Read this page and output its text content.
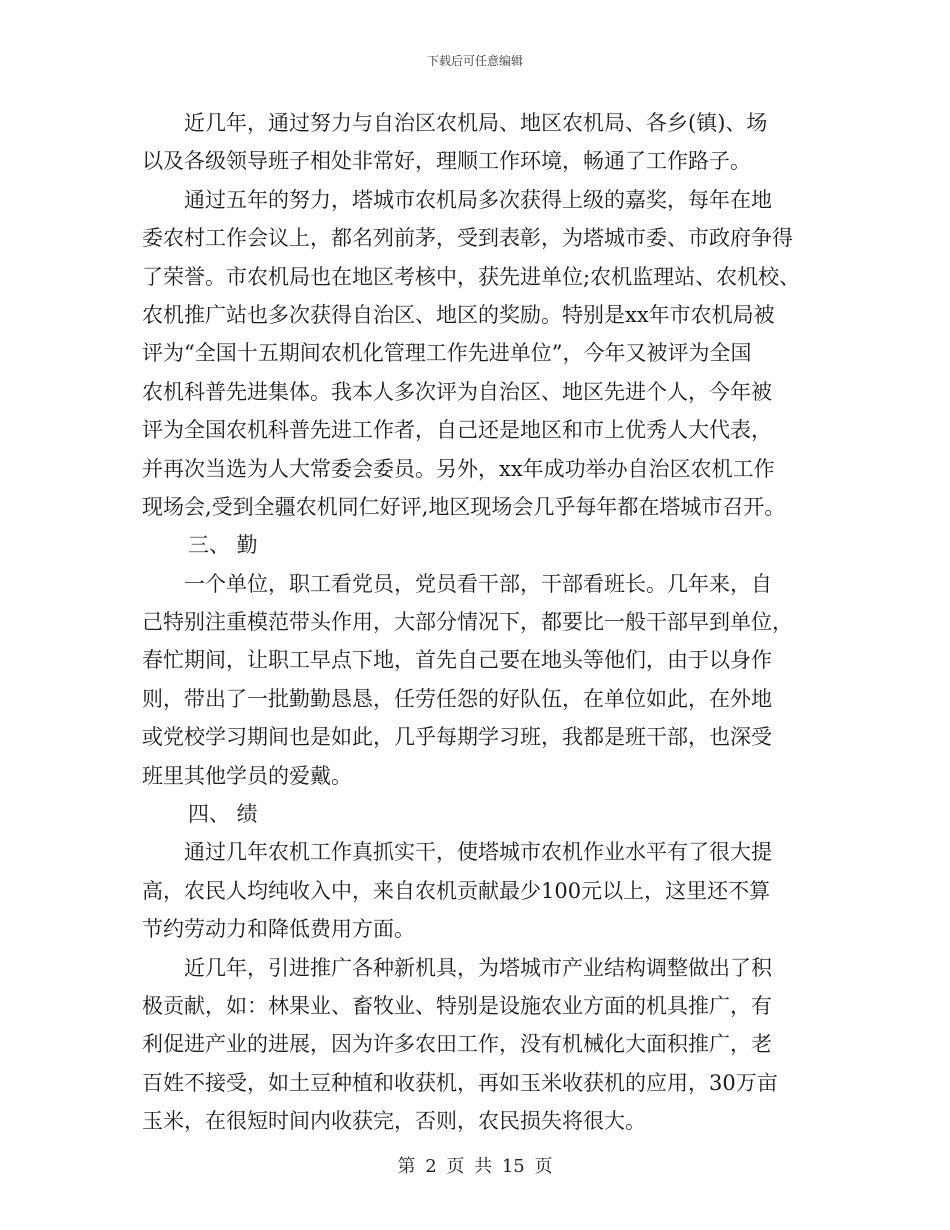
下载后可任意编辑
近几年，通过努力与自治区农机局、地区农机局、各乡(镇)、场
以及各级领导班子相处非常好，理顺工作环境，畅通了工作路子。
通过五年的努力，塔城市农机局多次获得上级的嘉奖，每年在地
委农村工作会议上，都名列前茅，受到表彰，为塔城市委、市政府争得
了荣誉。市农机局也在地区考核中，获先进单位;农机监理站、农机校、
农机推广站也多次获得自治区、地区的奖励。特别是xx年市农机局被
评为“全国十五期间农机化管理工作先进单位”，今年又被评为全国
农机科普先进集体。我本人多次评为自治区、地区先进个人，今年被
评为全国农机科普先进工作者，自己还是地区和市上优秀人大代表，
并再次当选为人大常委会委员。另外，xx年成功举办自治区农机工作
现场会,受到全疆农机同仁好评,地区现场会几乎每年都在塔城市召开。
三、 勤
一个单位，职工看党员，党员看干部，干部看班长。几年来，自
己特别注重模范带头作用，大部分情况下，都要比一般干部早到单位，
春忙期间，让职工早点下地，首先自己要在地头等他们，由于以身作
则，带出了一批勤勤恳恳，任劳任怨的好队伍，在单位如此，在外地
或党校学习期间也是如此，几乎每期学习班，我都是班干部，也深受
班里其他学员的爱戴。
四、 绩
通过几年农机工作真抓实干，使塔城市农机作业水平有了很大提
高，农民人均纯收入中，来自农机贡献最少100元以上，这里还不算
节约劳动力和降低费用方面。
近几年，引进推广各种新机具，为塔城市产业结构调整做出了积
极贡献，如：林果业、畜牧业、特别是设施农业方面的机具推广，有
利促进产业的进展，因为许多农田工作，没有机械化大面积推广，老
百姓不接受，如土豆种植和收获机，再如玉米收获机的应用，30万亩
玉米，在很短时间内收获完，否则，农民损失将很大。
第 2 页 共 15 页
